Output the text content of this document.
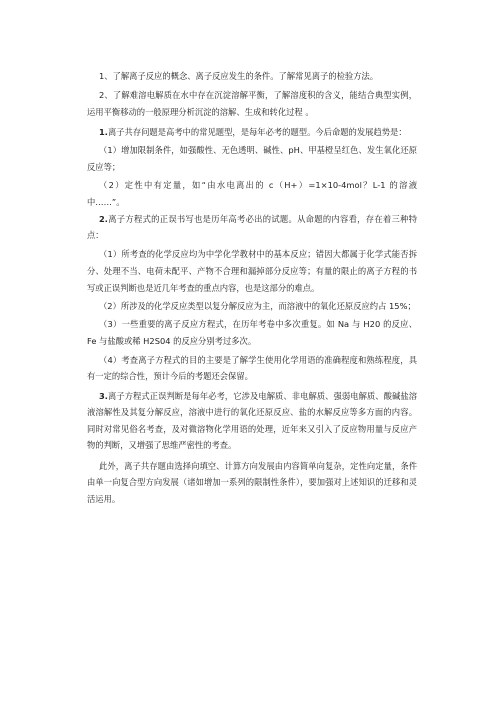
1、了解离子反应的概念、离子反应发生的条件。了解常见离子的检验方法。

2、了解难溶电解质在水中存在沉淀溶解平衡，了解溶度积的含义，能结合典型实例，运用平衡移动的一般原理分析沉淀的溶解、生成和转化过程 。

1.离子共存问题是高考中的常见题型，是每年必考的题型。今后命题的发展趋势是：

（1）增加限制条件，如强酸性、无色透明、碱性、pH、甲基橙呈红色、发生氧化还原反应等；

（2）定性中有定量，如“由水电离出的 c（H+）=1×10-4mol？L-1 的溶液中……”。

2.离子方程式的正误书写也是历年高考必出的试题。从命题的内容看，存在着三种特点：

（1）所考查的化学反应均为中学化学教材中的基本反应；错因大都属于化学式能否拆分、处理不当、电荷未配平、产物不合理和漏掉部分反应等；有量的限止的离子方程的书写或正误判断也是近几年考查的重点内容，也是这部分的难点。

（2）所涉及的化学反应类型以复分解反应为主，而溶液中的氧化还原反应约占 15%；

（3）一些重要的离子反应方程式，在历年考卷中多次重复。如 Na 与 H20 的反应、Fe 与盐酸或稀 H2S04 的反应分别考过多次。

（4）考查离子方程式的目的主要是了解学生使用化学用语的准确程度和熟练程度，具有一定的综合性，预计今后的考题还会保留。

3.离子方程式正误判断是每年必考，它涉及电解质、非电解质、强弱电解质、酸碱盐溶液溶解性及其复分解反应，溶液中进行的氧化还原反应、盐的水解反应等多方面的内容。同时对常见俗名考查，及对微溶物化学用语的处理，近年来又引入了反应物用量与反应产物的判断，又增强了思维严密性的考查。

此外，离子共存题由选择向填空、计算方向发展由内容简单向复杂，定性向定量，条件由单一向复合型方向发展（诸如增加一系列的限制性条件），要加强对上述知识的迁移和灵活运用。
